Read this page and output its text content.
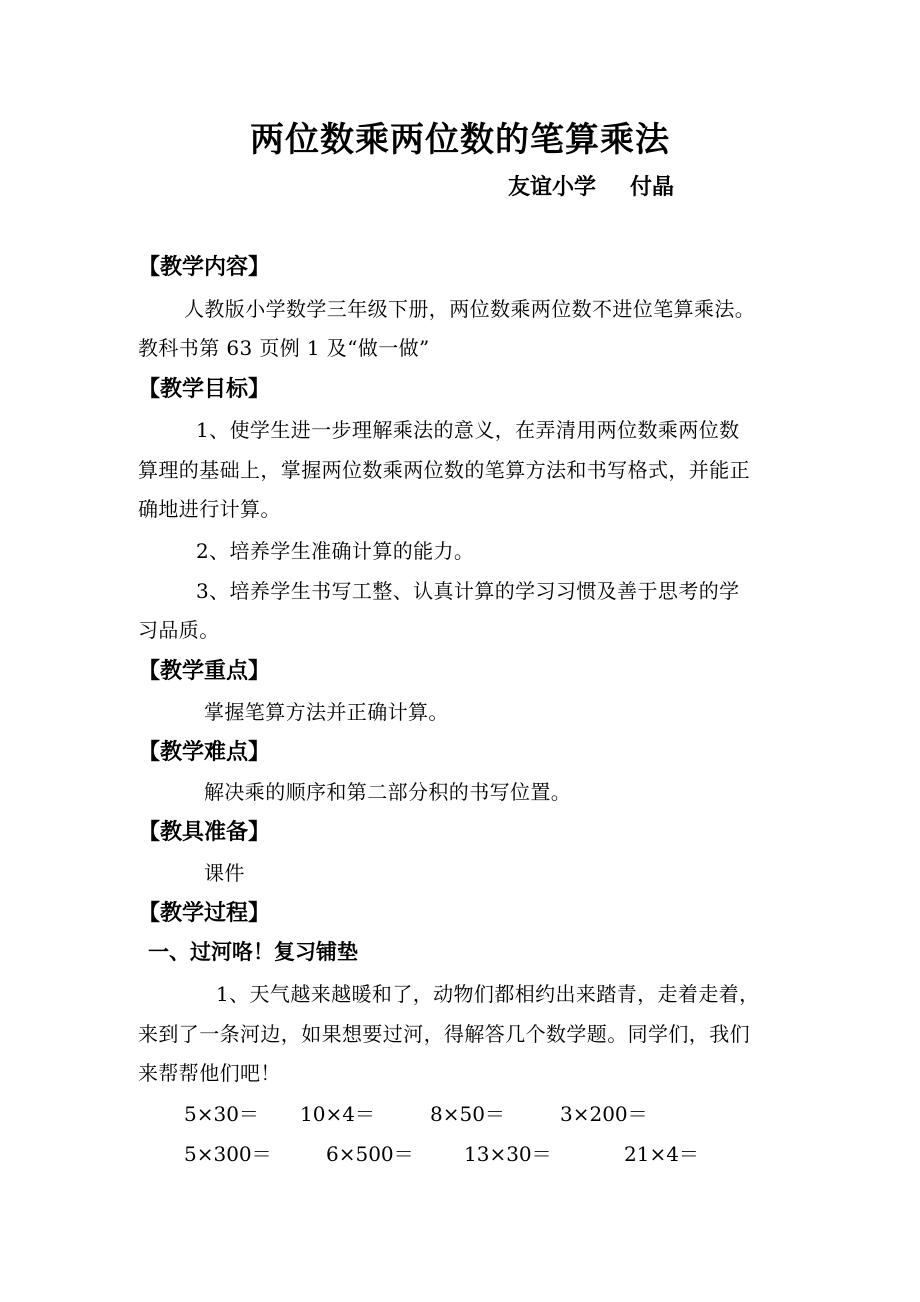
两位数乘两位数的笔算乘法
友谊小学 付晶
【教学内容】
人教版小学数学三年级下册，两位数乘两位数不进位笔算乘法。
教科书第 63 页例 1 及“做一做”
【教学目标】
1、使学生进一步理解乘法的意义，在弄清用两位数乘两位数
算理的基础上，掌握两位数乘两位数的笔算方法和书写格式，并能正
确地进行计算。
2、培养学生准确计算的能力。
3、培养学生书写工整、认真计算的学习习惯及善于思考的学
习品质。
【教学重点】
掌握笔算方法并正确计算。
【教学难点】
解决乘的顺序和第二部分积的书写位置。
【教具准备】
课件
【教学过程】
一、过河咯！复习铺垫
1、天气越来越暖和了，动物们都相约出来踏青，走着走着，
来到了一条河边，如果想要过河，得解答几个数学题。同学们，我们
来帮帮他们吧！
5×30＝ 10×4＝	8×50＝	3×200＝
5×300＝	6×500＝	13×30＝	21×4＝
